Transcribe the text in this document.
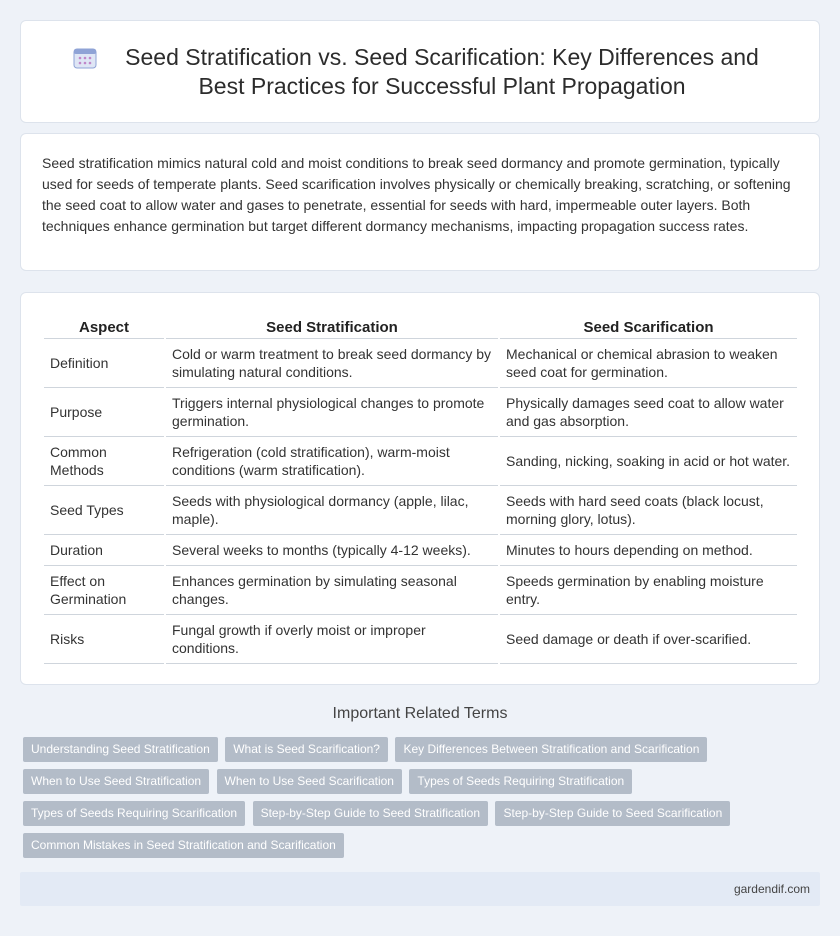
Seed Stratification vs. Seed Scarification: Key Differences and Best Practices for Successful Plant Propagation

Seed stratification mimics natural cold and moist conditions to break seed dormancy and promote germination, typically used for seeds of temperate plants. Seed scarification involves physically or chemically breaking, scratching, or softening the seed coat to allow water and gases to penetrate, essential for seeds with hard, impermeable outer layers. Both techniques enhance germination but target different dormancy mechanisms, impacting propagation success rates.

Aspect	Seed Stratification	Seed Scarification
Definition	Cold or warm treatment to break seed dormancy by simulating natural conditions.	Mechanical or chemical abrasion to weaken seed coat for germination.
Purpose	Triggers internal physiological changes to promote germination.	Physically damages seed coat to allow water and gas absorption.
Common Methods	Refrigeration (cold stratification), warm-moist conditions (warm stratification).	Sanding, nicking, soaking in acid or hot water.
Seed Types	Seeds with physiological dormancy (apple, lilac, maple).	Seeds with hard seed coats (black locust, morning glory, lotus).
Duration	Several weeks to months (typically 4-12 weeks).	Minutes to hours depending on method.
Effect on Germination	Enhances germination by simulating seasonal changes.	Speeds germination by enabling moisture entry.
Risks	Fungal growth if overly moist or improper conditions.	Seed damage or death if over-scarified.
Important Related Terms
Understanding Seed Stratification What is Seed Scarification? Key Differences Between Stratification and Scarification When to Use Seed Stratification When to Use Seed Scarification Types of Seeds Requiring Stratification Types of Seeds Requiring Scarification Step-by-Step Guide to Seed Stratification Step-by-Step Guide to Seed Scarification Common Mistakes in Seed Stratification and Scarification
gardendif.com
